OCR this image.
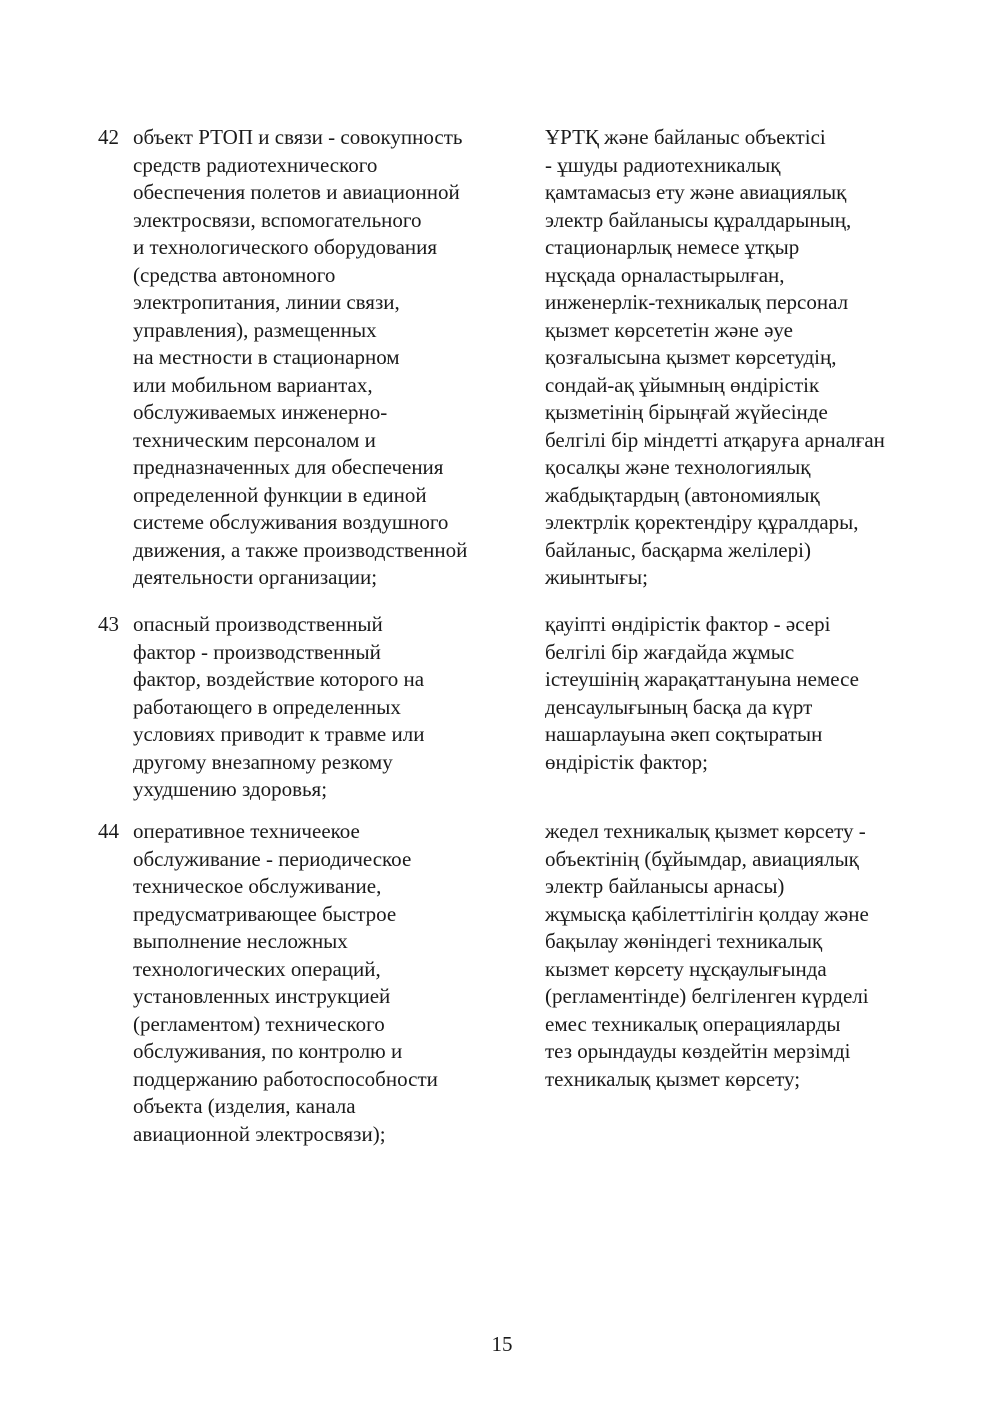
42 объект РТОП и связи - совокупность
средств радиотехнического
обеспечения полетов и авиационной
электросвязи, вспомогательного
и технологического оборудования
(средства автономного
электропитания, линии связи,
управления), размещенных
на местности в стационарном
или мобильном вариантах,
обслуживаемых инженерно-
техническим персоналом и
предназначенных для обеспечения
определенной функции в единой
системе обслуживания воздушного
движения, а также производственной
деятельности организации;
ҰРТҚ және байланыс объектісі
- ұшуды радиотехникалық
қамтамасыз ету және авиациялық
электр байланысы құралдарының,
стационарлық немесе ұтқыр
нұсқада орналастырылған,
инженерлік-техникалық персонал
қызмет көрсететін және әуе
қозғалысына қызмет көрсетудің,
сондай-ақ ұйымның өндірістік
қызметінің бірыңғай жүйесінде
белгілі бір міндетті атқаруға арналған
қосалқы және технологиялық
жабдықтардың (автономиялық
электрлік қоректендіру құралдары,
байланыс, басқарма желілері)
жиынтығы;
43 опасный производственный
фактор - производственный
фактор, воздействие которого на
работающего в определенных
условиях приводит к травме или
другому внезапному резкому
ухудшению здоровья;
қауіпті өндірістік фактор - әсері
белгілі бір жағдайда жұмыс
істеушінің жарақаттануына немесе
денсаулығының басқа да күрт
нашарлауына әкеп соқтыратын
өндірістік фактор;
44 оперативное техничеекое
обслуживание - периодическое
техническое обслуживание,
предусматривающее быстрое
выполнение несложных
технологических операций,
установленных инструкцией
(регламентом) технического
обслуживания, по контролю и
подцержанию работоспособности
объекта (изделия, канала
авиационной электросвязи);
жедел техникалық қызмет көрсету -
объектінің (бұйымдар, авиациялық
электр байланысы арнасы)
жұмысқа қабілеттілігін қолдау және
бақылау жөніндегі техникалық
кызмет көрсету нұсқаулығында
(регламентінде) белгіленген күрделі
емес техникалық операцияларды
тез орындауды көздейтін мерзімді
техникалық қызмет көрсету;
15
